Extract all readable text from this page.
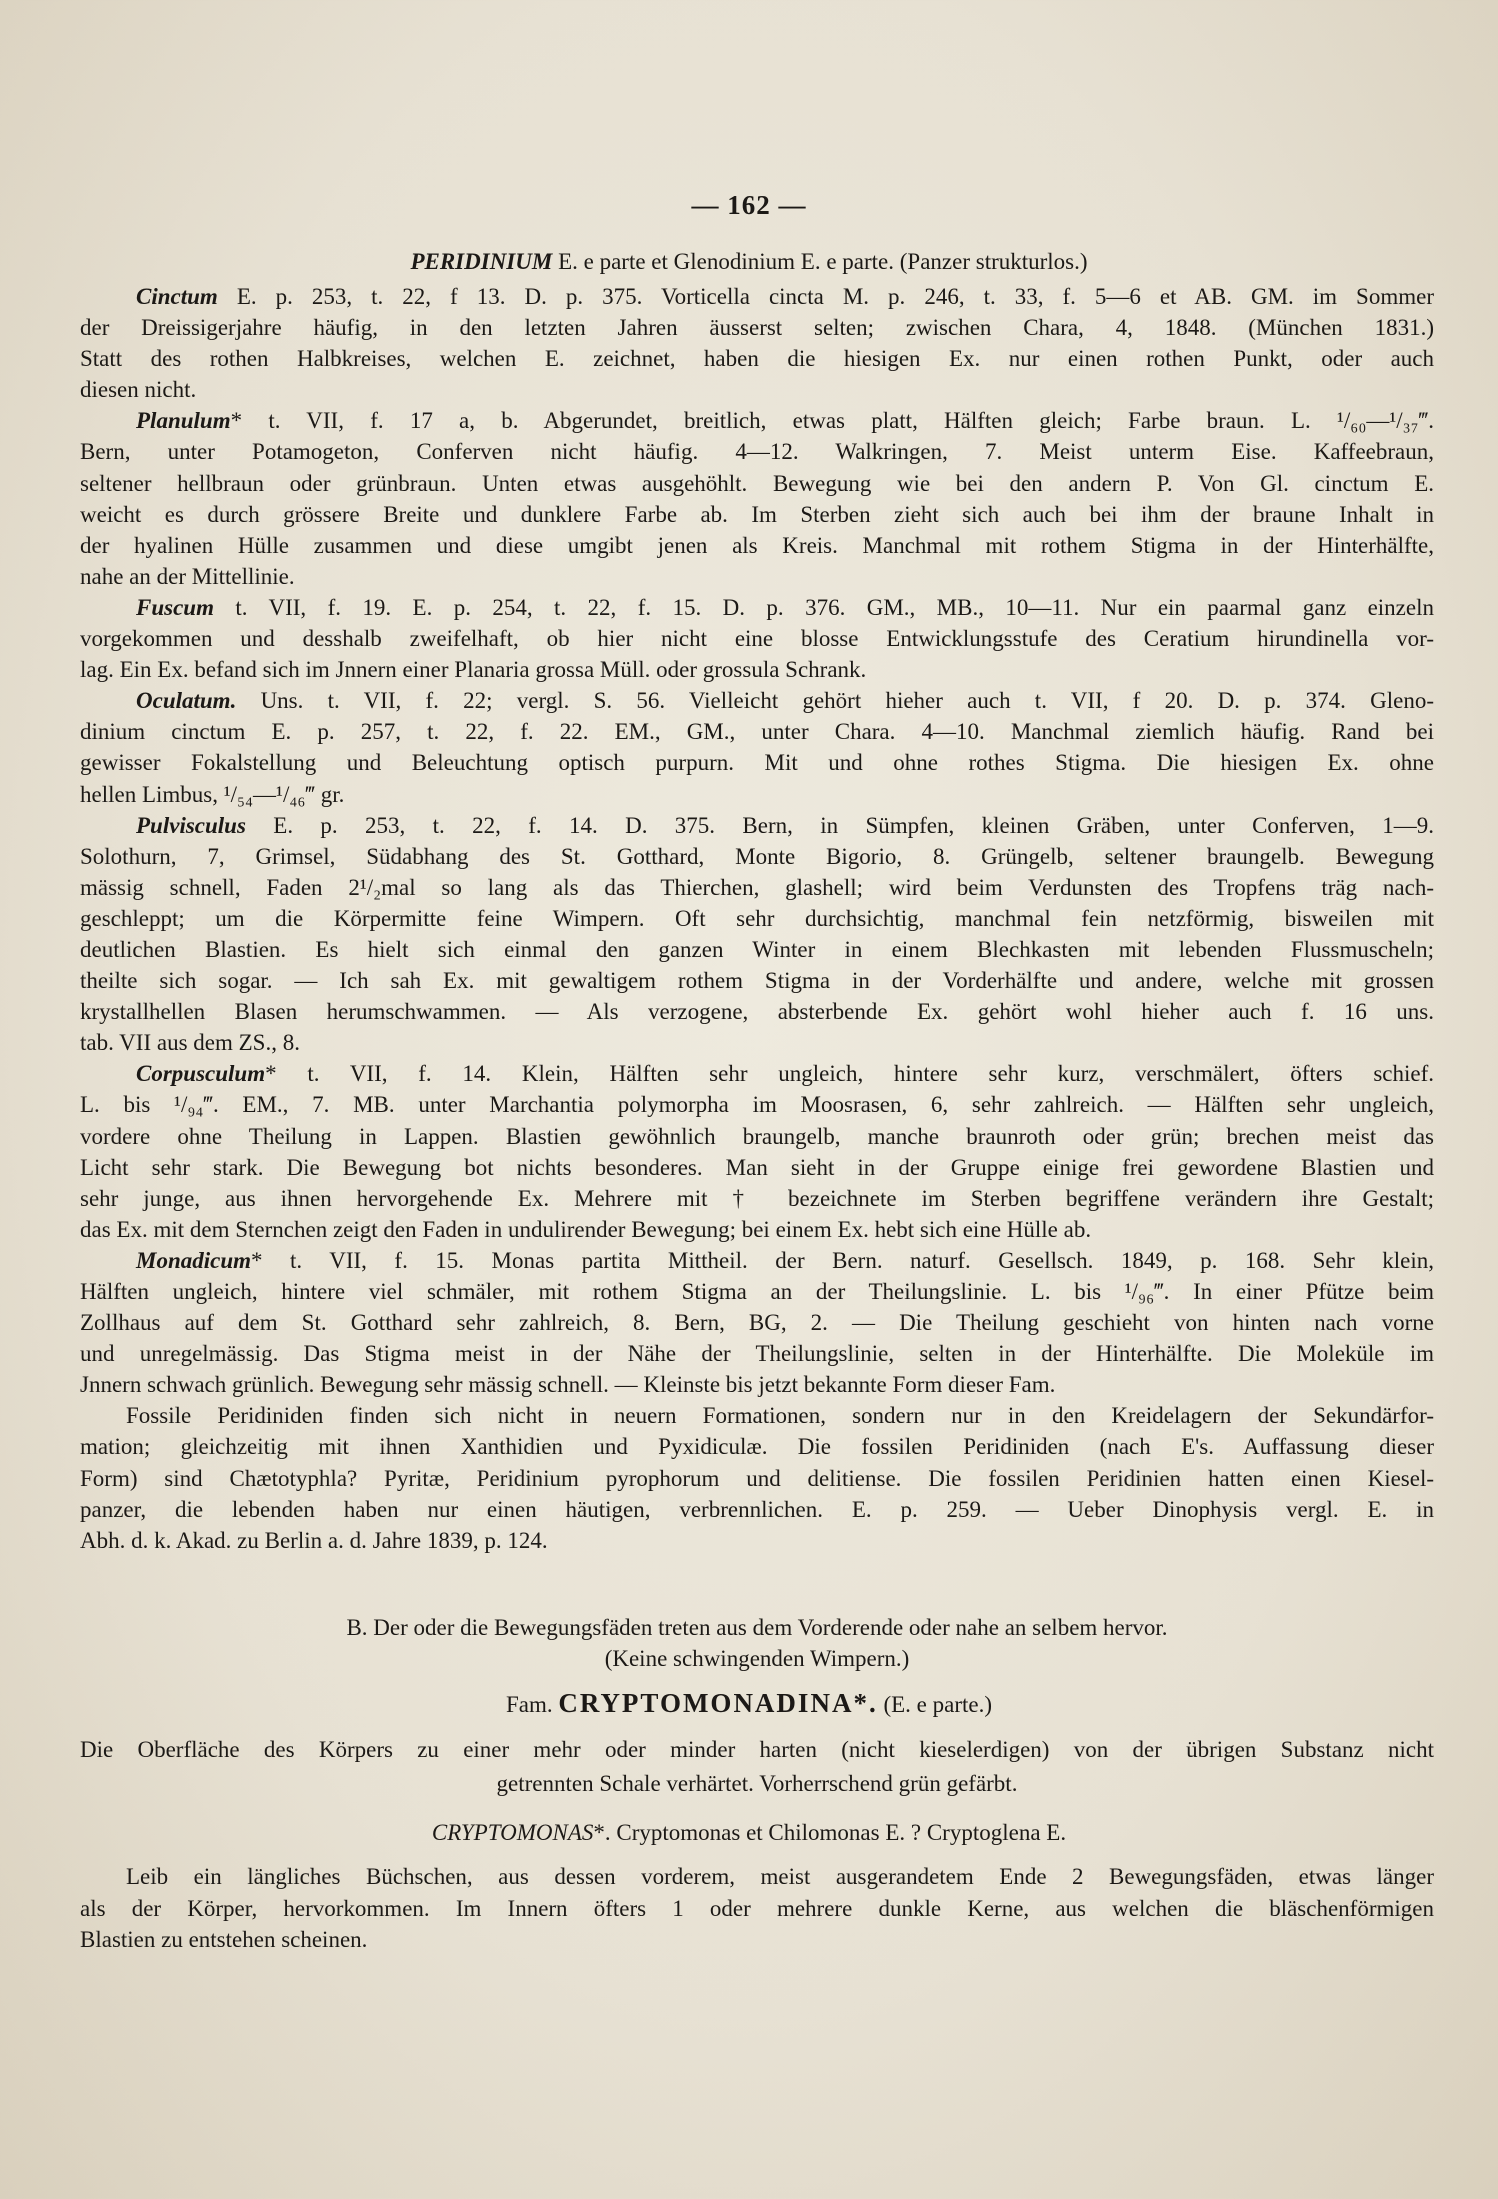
— 162 —
PERIDINIUM E. e parte et Glenodinium E. e parte. (Panzer strukturlos.)
Cinctum E. p. 253, t. 22, f 13. D. p. 375. Vorticella cincta M. p. 246, t. 33, f. 5—6 et AB. GM. im Sommer
der Dreissigerjahre häufig, in den letzten Jahren äusserst selten; zwischen Chara, 4, 1848. (München 1831.)
Statt des rothen Halbkreises, welchen E. zeichnet, haben die hiesigen Ex. nur einen rothen Punkt, oder auch
diesen nicht.
Planulum* t. VII, f. 17 a, b. Abgerundet, breitlich, etwas platt, Hälften gleich; Farbe braun. L. ¹/₆₀—¹/₃₇‴.
Bern, unter Potamogeton, Conferven nicht häufig. 4—12. Walkringen, 7. Meist unterm Eise. Kaffeebraun,
seltener hellbraun oder grünbraun. Unten etwas ausgehöhlt. Bewegung wie bei den andern P. Von Gl. cinctum E.
weicht es durch grössere Breite und dunklere Farbe ab. Im Sterben zieht sich auch bei ihm der braune Inhalt in
der hyalinen Hülle zusammen und diese umgibt jenen als Kreis. Manchmal mit rothem Stigma in der Hinterhälfte,
nahe an der Mittellinie.
Fuscum t. VII, f. 19. E. p. 254, t. 22, f. 15. D. p. 376. GM., MB., 10—11. Nur ein paarmal ganz einzeln
vorgekommen und desshalb zweifelhaft, ob hier nicht eine blosse Entwicklungsstufe des Ceratium hirundinella vor-
lag. Ein Ex. befand sich im Jnnern einer Planaria grossa Müll. oder grossula Schrank.
Oculatum. Uns. t. VII, f. 22; vergl. S. 56. Vielleicht gehört hieher auch t. VII, f 20. D. p. 374. Gleno-
dinium cinctum E. p. 257, t. 22, f. 22. EM., GM., unter Chara. 4—10. Manchmal ziemlich häufig. Rand bei
gewisser Fokalstellung und Beleuchtung optisch purpurn. Mit und ohne rothes Stigma. Die hiesigen Ex. ohne
hellen Limbus, ¹/₅₄—¹/₄₆‴ gr.
Pulvisculus E. p. 253, t. 22, f. 14. D. 375. Bern, in Sümpfen, kleinen Gräben, unter Conferven, 1—9.
Solothurn, 7, Grimsel, Südabhang des St. Gotthard, Monte Bigorio, 8. Grüngelb, seltener braungelb. Bewegung
mässig schnell, Faden 2¹/₂mal so lang als das Thierchen, glashell; wird beim Verdunsten des Tropfens träg nach-
geschleppt; um die Körpermitte feine Wimpern. Oft sehr durchsichtig, manchmal fein netzförmig, bisweilen mit
deutlichen Blastien. Es hielt sich einmal den ganzen Winter in einem Blechkasten mit lebenden Flussmuscheln;
theilte sich sogar. — Ich sah Ex. mit gewaltigem rothem Stigma in der Vorderhälfte und andere, welche mit grossen
krystallhellen Blasen herumschwammen. — Als verzogene, absterbende Ex. gehört wohl hieher auch f. 16 uns.
tab. VII aus dem ZS., 8.
Corpusculum* t. VII, f. 14. Klein, Hälften sehr ungleich, hintere sehr kurz, verschmälert, öfters schief.
L. bis ¹/₉₄‴. EM., 7. MB. unter Marchantia polymorpha im Moosrasen, 6, sehr zahlreich. — Hälften sehr ungleich,
vordere ohne Theilung in Lappen. Blastien gewöhnlich braungelb, manche braunroth oder grün; brechen meist das
Licht sehr stark. Die Bewegung bot nichts besonderes. Man sieht in der Gruppe einige frei gewordene Blastien und
sehr junge, aus ihnen hervorgehende Ex. Mehrere mit † bezeichnete im Sterben begriffene verändern ihre Gestalt;
das Ex. mit dem Sternchen zeigt den Faden in undulirender Bewegung; bei einem Ex. hebt sich eine Hülle ab.
Monadicum* t. VII, f. 15. Monas partita Mittheil. der Bern. naturf. Gesellsch. 1849, p. 168. Sehr klein,
Hälften ungleich, hintere viel schmäler, mit rothem Stigma an der Theilungslinie. L. bis ¹/₉₆‴. In einer Pfütze beim
Zollhaus auf dem St. Gotthard sehr zahlreich, 8. Bern, BG, 2. — Die Theilung geschieht von hinten nach vorne
und unregelmässig. Das Stigma meist in der Nähe der Theilungslinie, selten in der Hinterhälfte. Die Moleküle im
Jnnern schwach grünlich. Bewegung sehr mässig schnell. — Kleinste bis jetzt bekannte Form dieser Fam.
Fossile Peridiniden finden sich nicht in neuern Formationen, sondern nur in den Kreidelagern der Sekundärfor-
mation; gleichzeitig mit ihnen Xanthidien und Pyxidiculæ. Die fossilen Peridiniden (nach E's. Auffassung dieser
Form) sind Chætotyphla? Pyritæ, Peridinium pyrophorum und delitiense. Die fossilen Peridinien hatten einen Kiesel-
panzer, die lebenden haben nur einen häutigen, verbrennlichen. E. p. 259. — Ueber Dinophysis vergl. E. in
Abh. d. k. Akad. zu Berlin a. d. Jahre 1839, p. 124.
B. Der oder die Bewegungsfäden treten aus dem Vorderende oder nahe an selbem hervor.
(Keine schwingenden Wimpern.)
Fam. CRYPTOMONADINA*. (E. e parte.)
Die Oberfläche des Körpers zu einer mehr oder minder harten (nicht kieselerdigen) von der übrigen Substanz nicht
getrennten Schale verhärtet. Vorherrschend grün gefärbt.
CRYPTOMONAS*. Cryptomonas et Chilomonas E. ? Cryptoglena E.
Leib ein längliches Büchschen, aus dessen vorderem, meist ausgerandetem Ende 2 Bewegungsfäden, etwas länger
als der Körper, hervorkommen. Im Innern öfters 1 oder mehrere dunkle Kerne, aus welchen die bläschenförmigen
Blastien zu entstehen scheinen.
